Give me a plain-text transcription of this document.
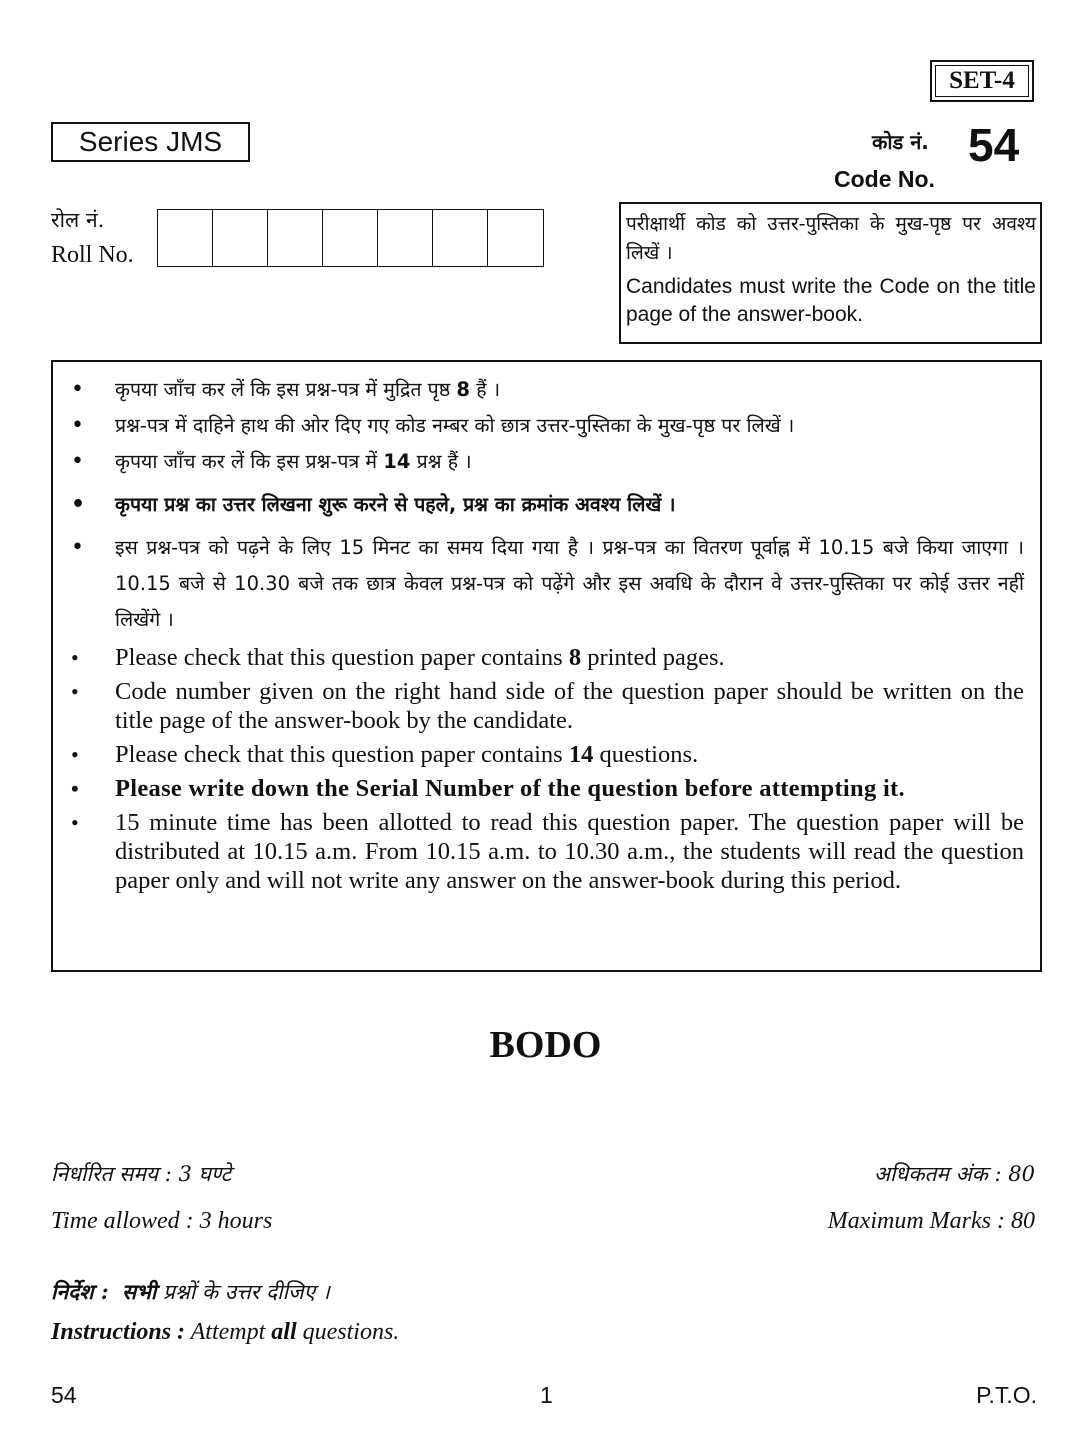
SET-4
Series JMS	कोड नं. 54
Code No.
रोल नं.
Roll No.
परीक्षार्थी कोड को उत्तर-पुस्तिका के मुख-पृष्ठ पर अवश्य लिखें ।
Candidates must write the Code on the title page of the answer-book.
• कृपया जाँच कर लें कि इस प्रश्न-पत्र में मुद्रित पृष्ठ 8 हैं ।
• प्रश्न-पत्र में दाहिने हाथ की ओर दिए गए कोड नम्बर को छात्र उत्तर-पुस्तिका के मुख-पृष्ठ पर लिखें ।
• कृपया जाँच कर लें कि इस प्रश्न-पत्र में 14 प्रश्न हैं ।
• कृपया प्रश्न का उत्तर लिखना शुरू करने से पहले, प्रश्न का क्रमांक अवश्य लिखें ।
• इस प्रश्न-पत्र को पढ़ने के लिए 15 मिनट का समय दिया गया है । प्रश्न-पत्र का वितरण पूर्वाह्न में 10.15 बजे किया जाएगा । 10.15 बजे से 10.30 बजे तक छात्र केवल प्रश्न-पत्र को पढ़ेंगे और इस अवधि के दौरान वे उत्तर-पुस्तिका पर कोई उत्तर नहीं लिखेंगे ।
• Please check that this question paper contains 8 printed pages.
• Code number given on the right hand side of the question paper should be written on the title page of the answer-book by the candidate.
• Please check that this question paper contains 14 questions.
• Please write down the Serial Number of the question before attempting it.
• 15 minute time has been allotted to read this question paper. The question paper will be distributed at 10.15 a.m. From 10.15 a.m. to 10.30 a.m., the students will read the question paper only and will not write any answer on the answer-book during this period.
BODO
निर्धारित समय : 3 घण्टे	अधिकतम अंक : 80
Time allowed : 3 hours	Maximum Marks : 80
निर्देश : सभी प्रश्नों के उत्तर दीजिए ।
Instructions : Attempt all questions.
54	1	P.T.O.
